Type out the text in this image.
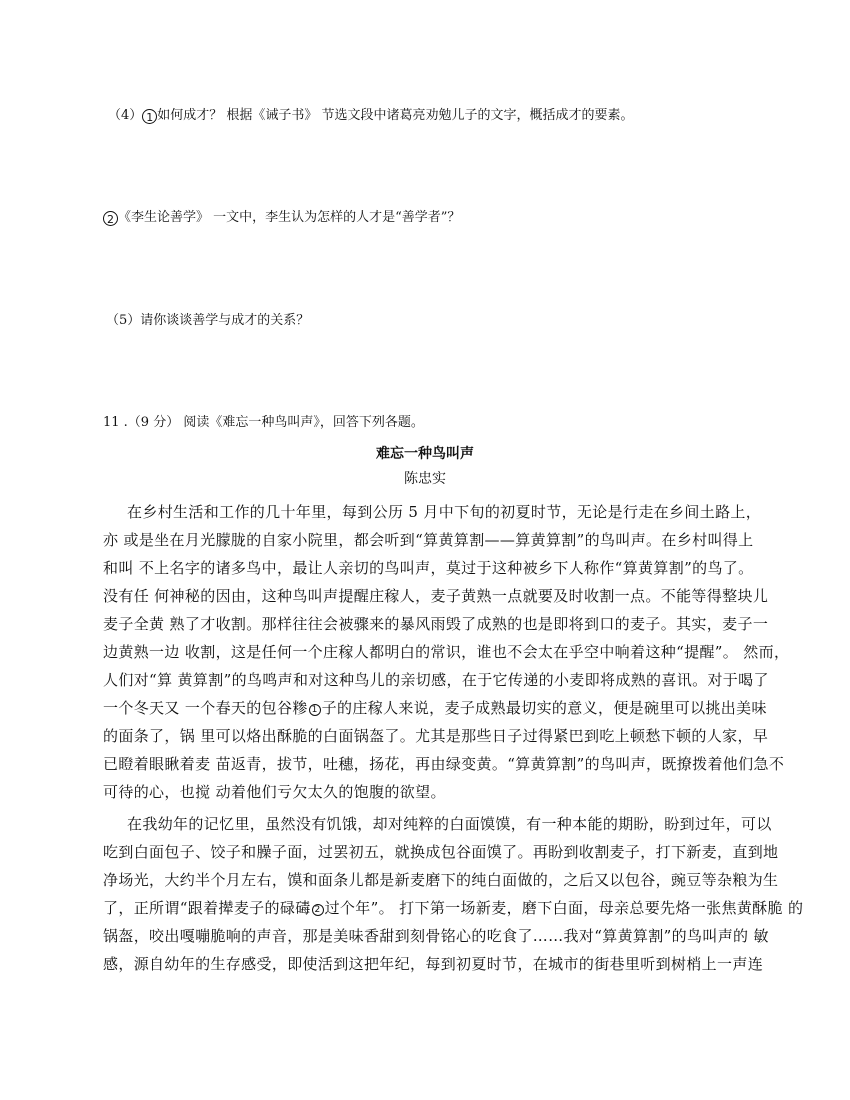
（4） 1 如何成才？ 根据《诫子书》 节选文段中诸葛亮劝勉儿子的文字，概括成才的要素。
2 《李生论善学》 一文中，李生认为怎样的人才是“善学者”？
（5）请你谈谈善学与成才的关系？
11 .（9 分） 阅读《难忘一种鸟叫声》，回答下列各题。
难忘一种鸟叫声
陈忠实
在乡村生活和工作的几十年里，每到公历 5 月中下旬的初夏时节，无论是行走在乡间土路上，
亦 或是坐在月光朦胧的自家小院里，都会听到“算黄算割——算黄算割”的鸟叫声。在乡村叫得上
和叫 不上名字的诸多鸟中，最让人亲切的鸟叫声，莫过于这种被乡下人称作“算黄算割”的鸟了。
没有任 何神秘的因由，这种鸟叫声提醒庄稼人，麦子黄熟一点就要及时收割一点。不能等得整块儿
麦子全黄 熟了才收割。那样往往会被骤来的暴风雨毁了成熟的也是即将到口的麦子。其实，麦子一
边黄熟一边 收割，这是任何一个庄稼人都明白的常识，谁也不会太在乎空中响着这种“提醒”。 然而，
人们对“算 黄算割”的鸟鸣声和对这种鸟儿的亲切感，在于它传递的小麦即将成熟的喜讯。对于喝了
一个冬天又 一个春天的包谷糁 1 子的庄稼人来说，麦子成熟最切实的意义，便是碗里可以挑出美味
的面条了，锅 里可以烙出酥脆的白面锅盔了。尤其是那些日子过得紧巴到吃上顿愁下顿的人家，早
已瞪着眼瞅着麦 苗返青，拔节，吐穗，扬花，再由绿变黄。“算黄算割”的鸟叫声，既撩拨着他们急不
可待的心，也搅 动着他们亏欠太久的饱腹的欲望。
在我幼年的记忆里，虽然没有饥饿，却对纯粹的白面馍馍，有一种本能的期盼，盼到过年，可以
吃到白面包子、饺子和臊子面，过罢初五，就换成包谷面馍了。再盼到收割麦子，打下新麦，直到地
净场光，大约半个月左右，馍和面条儿都是新麦磨下的纯白面做的，之后又以包谷，豌豆等杂粮为生
了，正所谓“跟着撵麦子的碌碡 2 过个年”。 打下第一场新麦，磨下白面，母亲总要先烙一张焦黄酥脆 的
锅盔，咬出嘎嘣脆响的声音，那是美味香甜到刻骨铭心的吃食了……我对“算黄算割”的鸟叫声的 敏
感，源自幼年的生存感受，即使活到这把年纪，每到初夏时节，在城市的街巷里听到树梢上一声连
